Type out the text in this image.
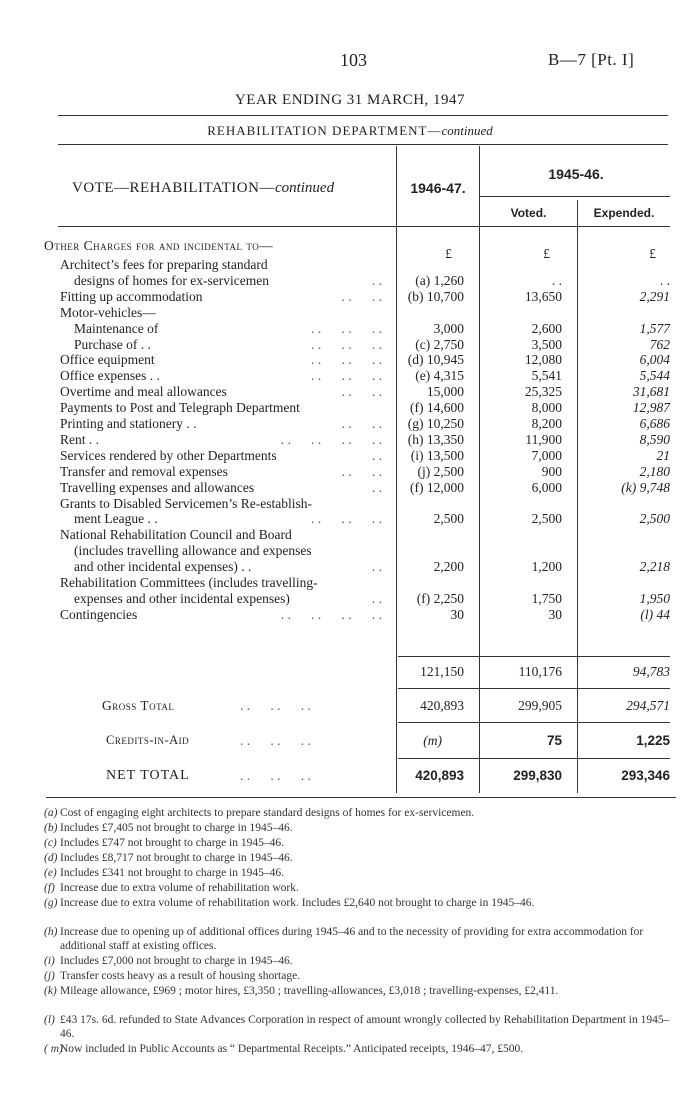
103	B—7 [Pt. I]
YEAR ENDING 31 MARCH, 1947
REHABILITATION DEPARTMENT—continued
VOTE—REHABILITATION—continued	1946-47.
1945-46.
Voted.	Expended.
Other Charges for and incidental to—
£	£	£
Architect’s fees for preparing standard
designs of homes for ex-servicemen	. . (a) 1,260	. .	. .
Fitting up accommodation	. .      . . (b) 10,700	13,650	2,291
Motor-vehicles—
Maintenance of	. .      . .      . .	3,000	2,600	1,577
Purchase of . .	. .      . .      . . (c) 2,750	3,500	762
Office equipment	. .      . .      . . (d) 10,945	12,080	6,004
Office expenses . .	. .      . .      . . (e) 4,315	5,541	5,544
Overtime and meal allowances	. .      . .	15,000	25,325	31,681
Payments to Post and Telegraph Department	(f) 14,600	8,000	12,987
Printing and stationery . .	. .      . . (g) 10,250	8,200	6,686
Rent . .	. .      . .      . .      . . (h) 13,350	11,900	8,590
Services rendered by other Departments	. . (i) 13,500	7,000	21
Transfer and removal expenses	. .      . .	(j) 2,500	900	2,180
Travelling expenses and allowances	. . (f) 12,000	6,000	(k) 9,748
Grants to Disabled Servicemen’s Re-establish-
ment League . .	. .      . .      . .	2,500	2,500	2,500
National Rehabilitation Council and Board
(includes travelling allowance and expenses
and other incidental expenses) . .	. .	2,200	1,200	2,218
Rehabilitation Committees (includes travelling-
expenses and other incidental expenses)	. .	(f) 2,250	1,750	1,950
Contingencies	. .      . .      . .      . .	30	30	(l) 44
121,150	110,176	94,783
Gross Total	. .      . .      . .	420,893	299,905	294,571
Credits-in-Aid	. .      . .      . .	(m)	75	1,225
NET TOTAL	. .      . .      . .	420,893	299,830	293,346
(a) Cost of engaging eight architects to prepare standard designs of homes for ex-servicemen.
(b) Includes £7,405 not brought to charge in 1945–46.
(c) Includes £747 not brought to charge in 1945–46.
(d) Includes £8,717 not brought to charge in 1945–46.
(e) Includes £341 not brought to charge in 1945–46.
(f) Increase due to extra volume of rehabilitation work.
(g) Increase due to extra volume of rehabilitation work. Includes £2,640 not brought to charge in 1945–46.
(h) Increase due to opening up of additional offices during 1945–46 and to the necessity of providing for extra accommodation for additional staff at existing offices.
(i) Includes £7,000 not brought to charge in 1945–46.
(j) Transfer costs heavy as a result of housing shortage.
(k) Mileage allowance, £969 ; motor hires, £3,350 ; travelling-allowances, £3,018 ; travelling-expenses, £2,411.
(l) £43 17s. 6d. refunded to State Advances Corporation in respect of amount wrongly collected by Rehabilitation Department in 1945–46.
( m)
Now included in Public Accounts as “ Departmental Receipts.” Anticipated receipts, 1946–47, £500.
